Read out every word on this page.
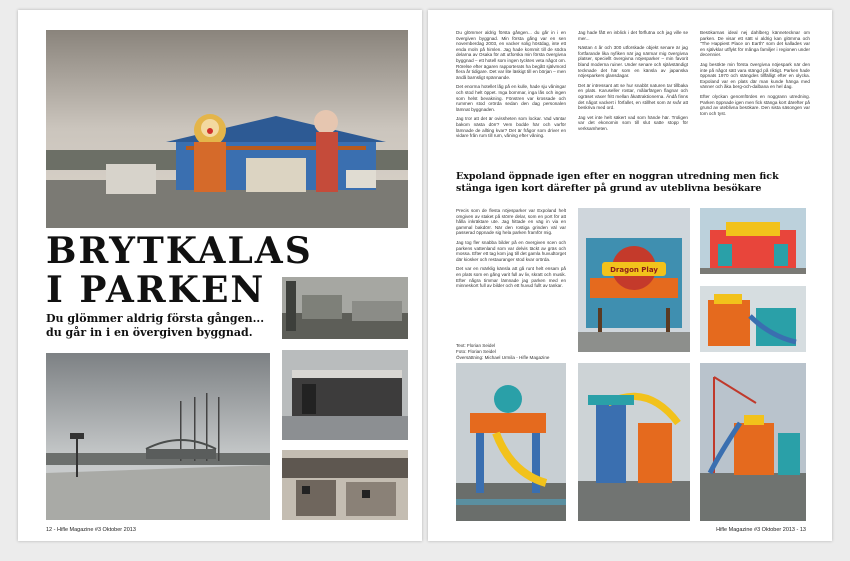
BRYTKALAS
I PARKEN
Du glömmer aldrig första gången...
du går in i en övergiven byggnad.
12 - Hifle Magazine #3 Oktober 2013

Du glömmer aldrig första gången... du går in i en övergiven byggnad. Min första gång var en sen novemberdag 2003, en vacker solig höstdag, inte ett enda moln på himlen. Jag hade kommit till de södra delarna av Osaka för att utforska min första övergivna byggnad – ett hotell som ingen tycktes veta något om. Rörelse efter ägaren rapporterats ha begått självmord flera år tidigare. Det var lite läskigt till en början – men ändå barnsligt spännande.

Det enorma hotellet låg på en kulle, hade sju våningar och stod helt öppet. Inga bommar, inga lås och ingen som helst bevakning. Fönstren var krossade och rummen stod orörda sedan den dag personalen lämnat byggnaden.

Jag tror att det är ovissheten som lockar. Vad väntar bakom nästa dörr? Vem bodde här och varför lämnade de allting kvar? Det är frågor som driver en vidare från rum till rum, våning efter våning.

Jag hade fått en inblick i det förflutna och jag ville se mer...

Nästan 4 år och 300 utforskade objekt senare är jag fortfarande lika nyfiken när jag närmar mig övergivna platser, speciellt övergivna nöjesparker – min favorit bland moderna ruiner. Under senare och självständigt tecknade det här som en känsla av japanska nöjesparkers glansdagar.

Det är intressant att se hur snabbt naturen tar tillbaka en plats. Karuseller rostar, målarfärgen flagnar och ogräset växer fritt mellan åkattraktionerna. Ändå finns det något vackert i förfallet, en stillhet som är svår att beskriva med ord.

Jag vet inte helt säkert vad som hände här. Troligen var det ekonomin som till slut satte stopp för verksamheten.

Besökarnas ideal nej dahlberg kännetecknar om parken. De visar ett sätt vi aldrig kan glömma och "The Happiest Place on Earth" som det kallades var en självklar utflykt för många familjer i regionen under decennier.

Jag besökte min första övergivna nöjespark när den inte på något sätt vara stängd på riktigt. Parken hade öppnats 1970 och stängdes tillfälligt efter en olycka. Expoland var en plats där man kunde hänga med vänner och åka berg-och-dalbana en hel dag.

Efter olyckan genomfördes en noggrann utredning. Parken öppnade igen men fick stänga kort därefter på grund av uteblivna besökare. Den sista säsongen var tom och tyst.

Expoland öppnade igen efter en noggran utredning men fick stänga igen kort därefter på grund av uteblivna besökare

Precis som de flesta nöjesparker var Expoland helt omgiven av staket på större delar, som en port för att hålla inkräktare ute. Jag hittade en väg in via en gammal bakdörr. När den rostiga grinden väl var passerad öppnade sig hela parken framför mig.

Jag tog fler snabba bilder på en övergiven scen och parkens vattenland som var delvis täckt av gräs och mossa. Efter ett tag kom jag till det gamla huvudtorget där kiosker och restauranger stod kvar orörda.

Det var en märklig känsla att gå runt helt ensam på en plats som en gång varit full av liv, skratt och musik. Efter några timmar lämnade jag parken med en minneskort full av bilder och ett huvud fullt av tankar.

Text: Florian Seidel
Foto: Florian Seidel
Översättning: Michael Urmila - Hifle Magazine
Dragon Play
Hifle Magazine #3 Oktober 2013 - 13
